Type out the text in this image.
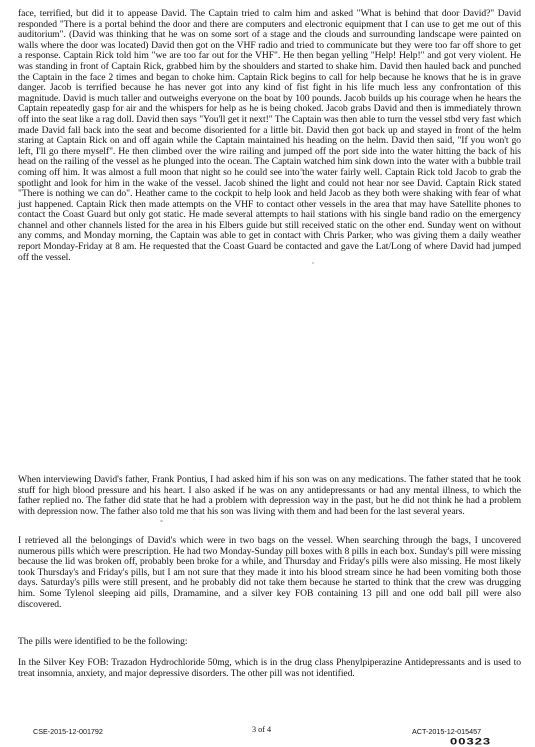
face, terrified, but did it to appease David. The Captain tried to calm him and asked "What is behind that door David?" David responded "There is a portal behind the door and there are computers and electronic equipment that I can use to get me out of this auditorium". (David was thinking that he was on some sort of a stage and the clouds and surrounding landscape were painted on walls where the door was located) David then got on the VHF radio and tried to communicate but they were too far off shore to get a response. Captain Rick told him "we are too far out for the VHF". He then began yelling "Help! Help!" and got very violent. He was standing in front of Captain Rick, grabbed him by the shoulders and started to shake him. David then hauled back and punched the Captain in the face 2 times and began to choke him. Captain Rick begins to call for help because he knows that he is in grave danger. Jacob is terrified because he has never got into any kind of fist fight in his life much less any confrontation of this magnitude. David is much taller and outweighs everyone on the boat by 100 pounds. Jacob builds up his courage when he hears the Captain repeatedly gasp for air and the whispers for help as he is being choked. Jacob grabs David and then is immediately thrown off into the seat like a rag doll. David then says "You'll get it next!" The Captain was then able to turn the vessel stbd very fast which made David fall back into the seat and become disoriented for a little bit. David then got back up and stayed in front of the helm staring at Captain Rick on and off again while the Captain maintained his heading on the helm. David then said, "If you won't go left, I'll go there myself". He then climbed over the wire railing and jumped off the port side into the water hitting the back of his head on the railing of the vessel as he plunged into the ocean. The Captain watched him sink down into the water with a bubble trail coming off him. It was almost a full moon that night so he could see into the water fairly well. Captain Rick told Jacob to grab the spotlight and look for him in the wake of the vessel. Jacob shined the light and could not hear nor see David. Captain Rick stated "There is nothing we can do". Heather came to the cockpit to help look and held Jacob as they both were shaking with fear of what just happened. Captain Rick then made attempts on the VHF to contact other vessels in the area that may have Satellite phones to contact the Coast Guard but only got static. He made several attempts to hail stations with his single band radio on the emergency channel and other channels listed for the area in his Elbers guide but still received static on the other end. Sunday went on without any comms, and Monday morning, the Captain was able to get in contact with Chris Parker, who was giving them a daily weather report Monday-Friday at 8 am. He requested that the Coast Guard be contacted and gave the Lat/Long of where David had jumped off the vessel.

When interviewing David's father, Frank Pontius, I had asked him if his son was on any medications. The father stated that he took stuff for high blood pressure and his heart. I also asked if he was on any antidepressants or had any mental illness, to which the father replied no. The father did state that he had a problem with depression way in the past, but he did not think he had a problem with depression now. The father also told me that his son was living with them and had been for the last several years.

I retrieved all the belongings of David's which were in two bags on the vessel. When searching through the bags, I uncovered numerous pills which were prescription. He had two Monday-Sunday pill boxes with 8 pills in each box. Sunday's pill were missing because the lid was broken off, probably been broke for a while, and Thursday and Friday's pills were also missing. He most likely took Thursday's and Friday's pills, but I am not sure that they made it into his blood stream since he had been vomiting both those days. Saturday's pills were still present, and he probably did not take them because he started to think that the crew was drugging him. Some Tylenol sleeping aid pills, Dramamine, and a silver key FOB containing 13 pill and one odd ball pill were also discovered.

The pills were identified to be the following:

In the Silver Key FOB: Trazadon Hydrochloride 50mg, which is in the drug class Phenylpiperazine Antidepressants and is used to treat insomnia, anxiety, and major depressive disorders. The other pill was not identified.

CSE-2015-12-001792	3 of 4	ACT-2015-12-015457
00323
